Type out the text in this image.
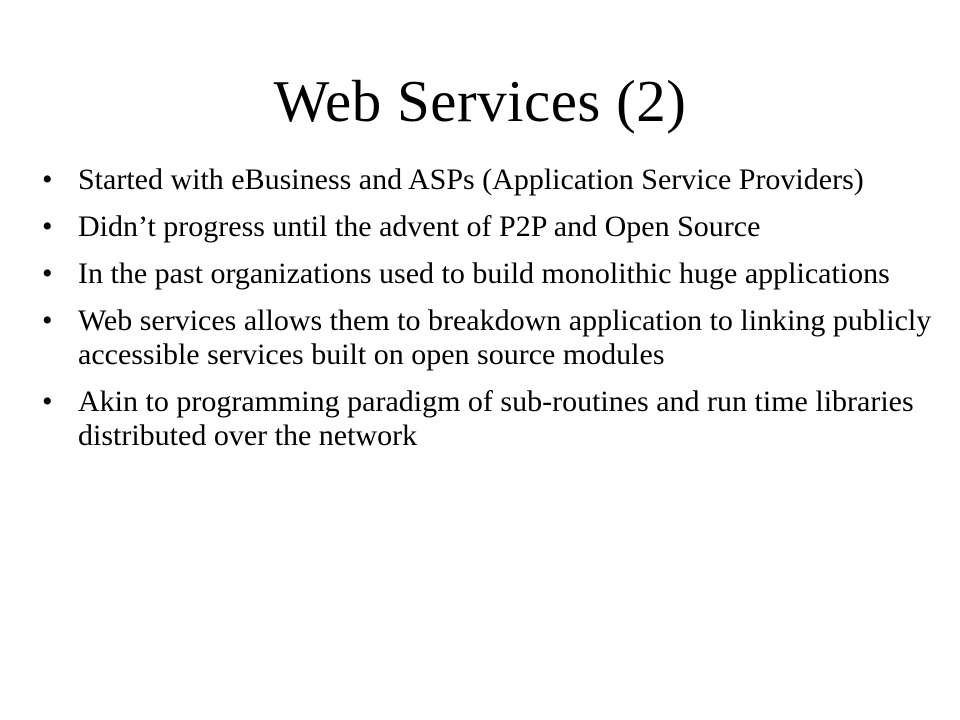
Web Services (2)
• Started with eBusiness and ASPs (Application Service Providers)
• Didn’t progress until the advent of P2P and Open Source
• In the past organizations used to build monolithic huge applications
• Web services allows them to breakdown application to linking publicly accessible services built on open source modules
• Akin to programming paradigm of sub-routines and run time libraries distributed over the network
